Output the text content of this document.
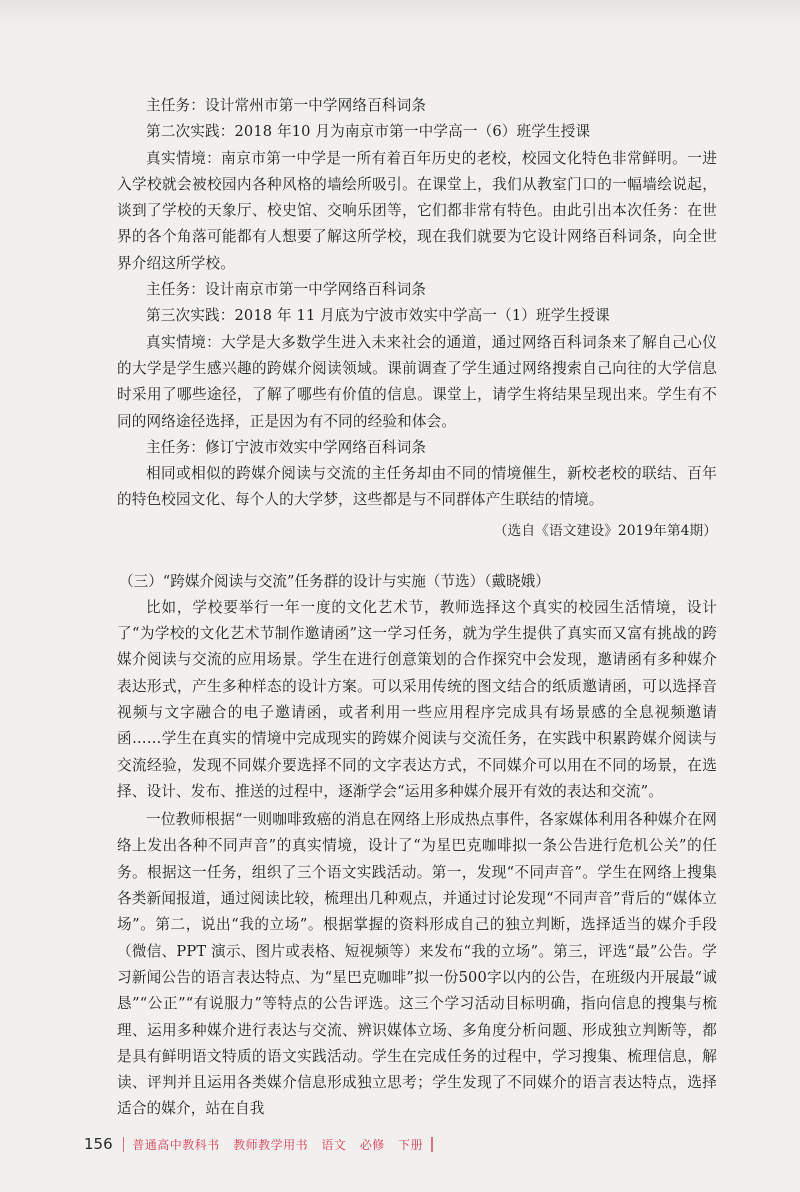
主任务：设计常州市第一中学网络百科词条

第二次实践：2018 年10 月为南京市第一中学高一（6）班学生授课

真实情境：南京市第一中学是一所有着百年历史的老校，校园文化特色非常鲜明。一进入学校就会被校园内各种风格的墙绘所吸引。在课堂上，我们从教室门口的一幅墙绘说起，谈到了学校的天象厅、校史馆、交响乐团等，它们都非常有特色。由此引出本次任务：在世界的各个角落可能都有人想要了解这所学校，现在我们就要为它设计网络百科词条，向全世界介绍这所学校。

主任务：设计南京市第一中学网络百科词条

第三次实践：2018 年 11 月底为宁波市效实中学高一（1）班学生授课

真实情境：大学是大多数学生进入未来社会的通道，通过网络百科词条来了解自己心仪的大学是学生感兴趣的跨媒介阅读领域。课前调查了学生通过网络搜索自己向往的大学信息时采用了哪些途径，了解了哪些有价值的信息。课堂上，请学生将结果呈现出来。学生有不同的网络途径选择，正是因为有不同的经验和体会。

主任务：修订宁波市效实中学网络百科词条

相同或相似的跨媒介阅读与交流的主任务却由不同的情境催生，新校老校的联结、百年的特色校园文化、每个人的大学梦，这些都是与不同群体产生联结的情境。

（选自《语文建设》2019年第4期）

（三）“跨媒介阅读与交流”任务群的设计与实施（节选）（戴晓娥）

比如，学校要举行一年一度的文化艺术节，教师选择这个真实的校园生活情境，设计了“为学校的文化艺术节制作邀请函”这一学习任务，就为学生提供了真实而又富有挑战的跨媒介阅读与交流的应用场景。学生在进行创意策划的合作探究中会发现，邀请函有多种媒介表达形式，产生多种样态的设计方案。可以采用传统的图文结合的纸质邀请函，可以选择音视频与文字融合的电子邀请函，或者利用一些应用程序完成具有场景感的全息视频邀请函……学生在真实的情境中完成现实的跨媒介阅读与交流任务，在实践中积累跨媒介阅读与交流经验，发现不同媒介要选择不同的文字表达方式，不同媒介可以用在不同的场景，在选择、设计、发布、推送的过程中，逐渐学会“运用多种媒介展开有效的表达和交流”。

一位教师根据“一则咖啡致癌的消息在网络上形成热点事件，各家媒体利用各种媒介在网络上发出各种不同声音”的真实情境，设计了“为星巴克咖啡拟一条公告进行危机公关”的任务。根据这一任务，组织了三个语文实践活动。第一，发现“不同声音”。学生在网络上搜集各类新闻报道，通过阅读比较，梳理出几种观点，并通过讨论发现“不同声音”背后的“媒体立场”。第二，说出“我的立场”。根据掌握的资料形成自己的独立判断，选择适当的媒介手段（微信、PPT 演示、图片或表格、短视频等）来发布“我的立场”。第三，评选“最”公告。学习新闻公告的语言表达特点、为“星巴克咖啡”拟一份500字以内的公告，在班级内开展最“诚恳”“公正”“有说服力”等特点的公告评选。这三个学习活动目标明确，指向信息的搜集与梳理、运用多种媒介进行表达与交流、辨识媒体立场、多角度分析问题、形成独立判断等，都是具有鲜明语文特质的语文实践活动。学生在完成任务的过程中，学习搜集、梳理信息，解读、评判并且运用各类媒介信息形成独立思考；学生发现了不同媒介的语言表达特点，选择适合的媒介，站在自我

156 普通高中教科书 教师教学用书 语文 必修 下册
